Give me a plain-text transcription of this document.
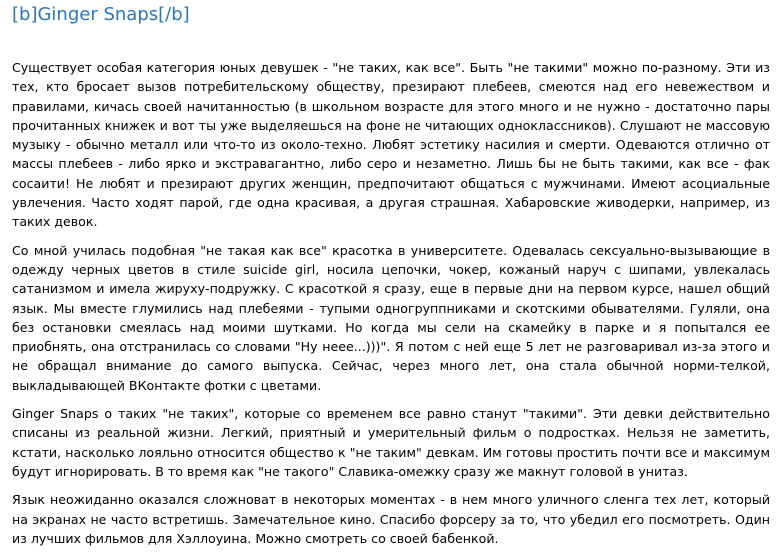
[b]Ginger Snaps[/b]

Существует особая категория юных девушек - "не таких, как все". Быть "не такими" можно по-разному. Эти из тех, кто бросает вызов потребительскому обществу, презирают плебеев, смеются над его невежеством и правилами, кичась своей начитанностью (в школьном возрасте для этого много и не нужно - достаточно пары прочитанных книжек и вот ты уже выделяешься на фоне не читающих одноклассников). Слушают не массовую музыку - обычно металл или что-то из около-техно. Любят эстетику насилия и смерти. Одеваются отлично от массы плебеев - либо ярко и экстравагантно, либо серо и незаметно. Лишь бы не быть такими, как все - фак сосаити! Не любят и презирают других женщин, предпочитают общаться с мужчинами. Имеют асоциальные увлечения. Часто ходят парой, где одна красивая, а другая страшная. Хабаровские живодерки, например, из таких девок.

Со мной училась подобная "не такая как все" красотка в университете. Одевалась сексуально-вызывающие в одежду черных цветов в стиле suicide girl, носила цепочки, чокер, кожаный наруч с шипами, увлекалась сатанизмом и имела жируху-подружку. С красоткой я сразу, еще в первые дни на первом курсе, нашел общий язык. Мы вместе глумились над плебеями - тупыми одногруппниками и скотскими обывателями. Гуляли, она без остановки смеялась над моими шутками. Но когда мы сели на скамейку в парке и я попытался ее приобнять, она отстранилась со словами "Ну нееe...)))". Я потом с ней еще 5 лет не разговаривал из-за этого и не обращал внимание до самого выпуска. Сейчас, через много лет, она стала обычной норми-телкой, выкладывающей ВКонтакте фотки с цветами.

Ginger Snaps о таких "не таких", которые со временем все равно станут "такими". Эти девки действительно списаны из реальной жизни. Легкий, приятный и умерительный фильм о подростках. Нельзя не заметить, кстати, насколько лояльно относится общество к "не таким" девкам. Им готовы простить почти все и максимум будут игнорировать. В то время как "не такого" Славика-омежку сразу же макнут головой в унитаз.

Язык неожиданно оказался сложноват в некоторых моментах - в нем много уличного сленга тех лет, который на экранах не часто встретишь. Замечательное кино. Спасибо форсеру за то, что убедил его посмотреть. Один из лучших фильмов для Хэллоуина. Можно смотреть со своей бабенкой.
